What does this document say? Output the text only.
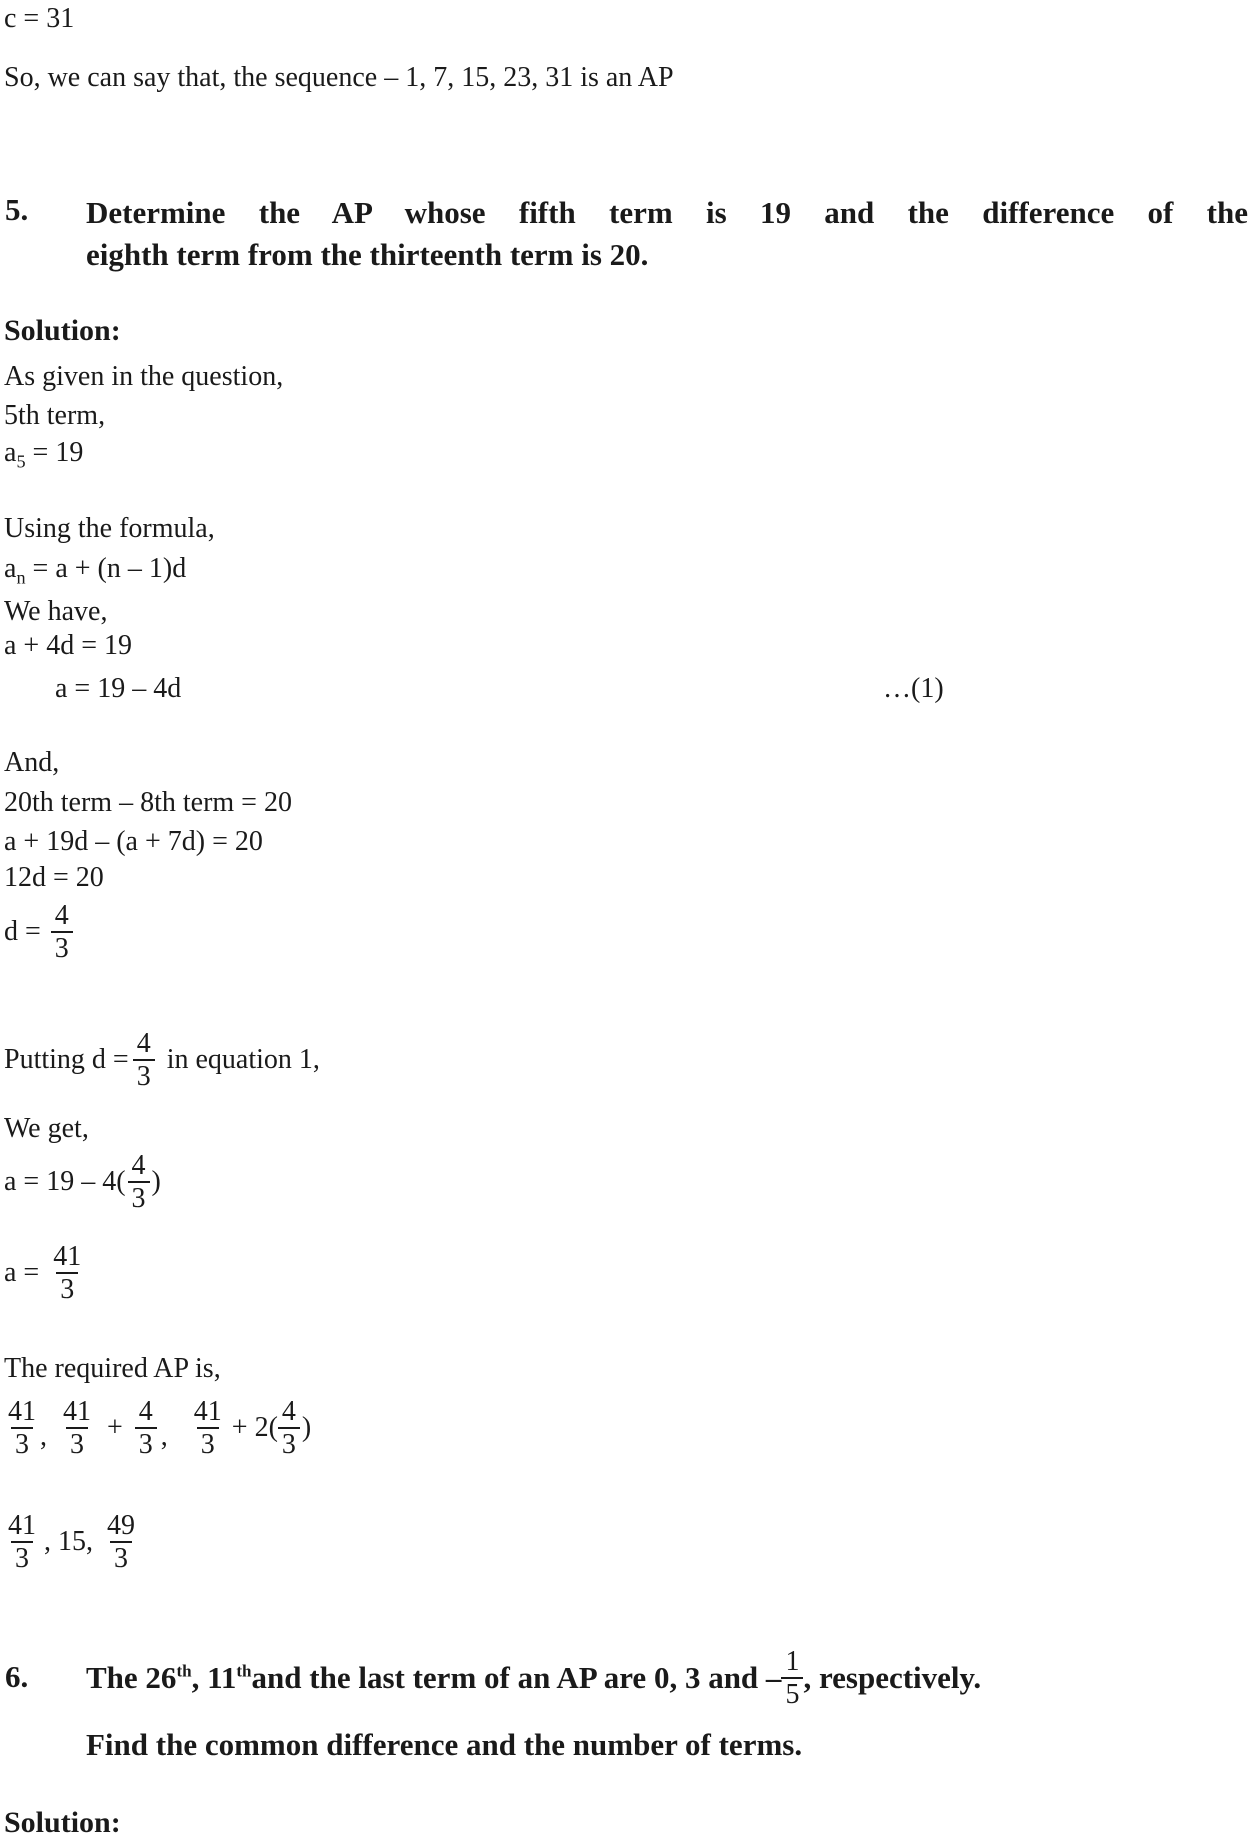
c = 31
So, we can say that, the sequence – 1, 7, 15, 23, 31 is an AP
5. Determine the AP whose fifth term is 19 and the difference of the
eighth term from the thirteenth term is 20.
Solution:
As given in the question,
5th term,
$a_5 = 19$
Using the formula,
$a_n = a + (n - 1)d$
We have,
a + 4d = 19
a = 19 – 4d	…(1)
And,
20th term – 8th term = 20
a + 19d – (a + 7d) = 20
12d = 20
$d = \frac{4}{3}$
Putting $d = \frac{4}{3}$ in equation 1,
We get,
$a = 19 - 4( \frac{4}{3}$ )
$a = \frac{41}{3}$
The required AP is,
$\frac{41}{3}$ , $\frac{41}{3} + \frac{4}{3}$ , $\frac{41}{3} + 2( \frac{4}{3}$ )
$\frac{41}{3}$ , 15, $\frac{49}{3}$
6. The 26th, 11thand the last term of an AP are 0, 3 and – $\frac{1}{5}$ , respectively.
Find the common difference and the number of terms.
Solution:
